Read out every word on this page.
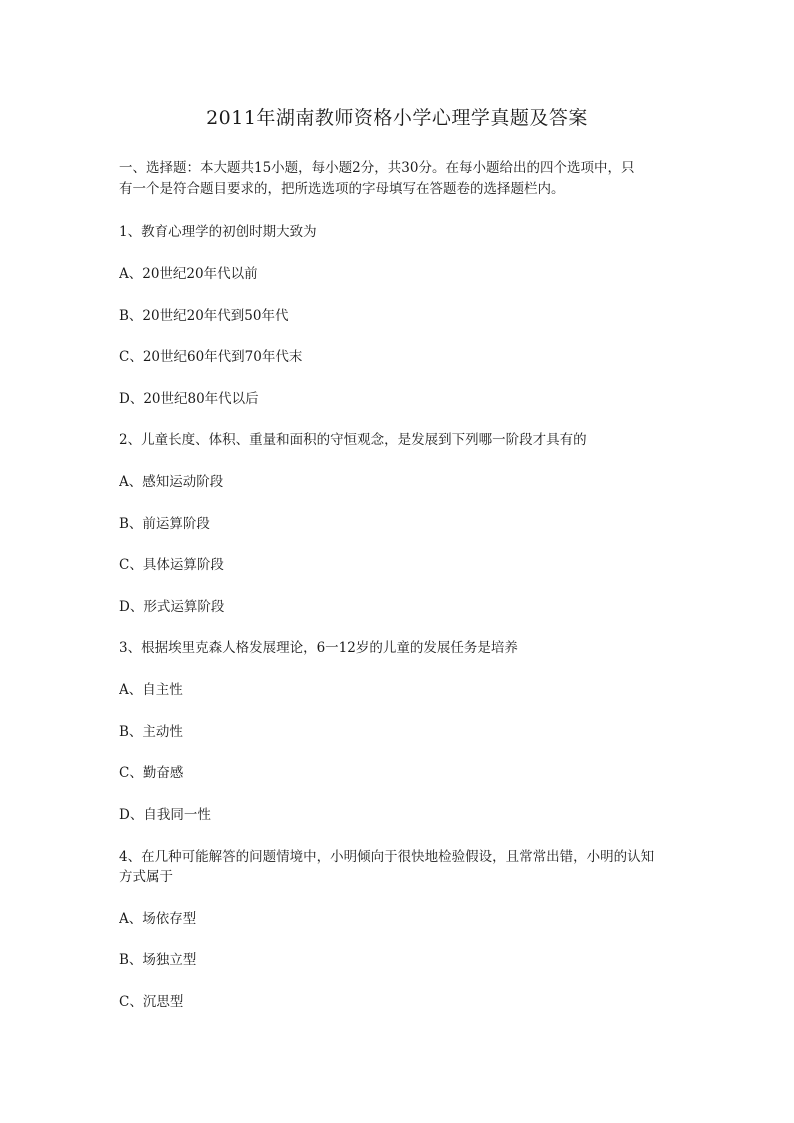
2011年湖南教师资格小学心理学真题及答案
一、选择题：本大题共15小题，每小题2分，共30分。在每小题给出的四个选项中，只
有一个是符合题目要求的，把所选选项的字母填写在答题卷的选择题栏内。
1、教育心理学的初创时期大致为
A、20世纪20年代以前
B、20世纪20年代到50年代
C、20世纪60年代到70年代末
D、20世纪80年代以后
2、儿童长度、体积、重量和面积的守恒观念，是发展到下列哪一阶段才具有的
A、感知运动阶段
B、前运算阶段
C、具体运算阶段
D、形式运算阶段
3、根据埃里克森人格发展理论，6一12岁的儿童的发展任务是培养
A、自主性
B、主动性
C、勤奋感
D、自我同一性
4、在几种可能解答的问题情境中，小明倾向于很快地检验假设，且常常出错，小明的认知
方式属于
A、场依存型
B、场独立型
C、沉思型
